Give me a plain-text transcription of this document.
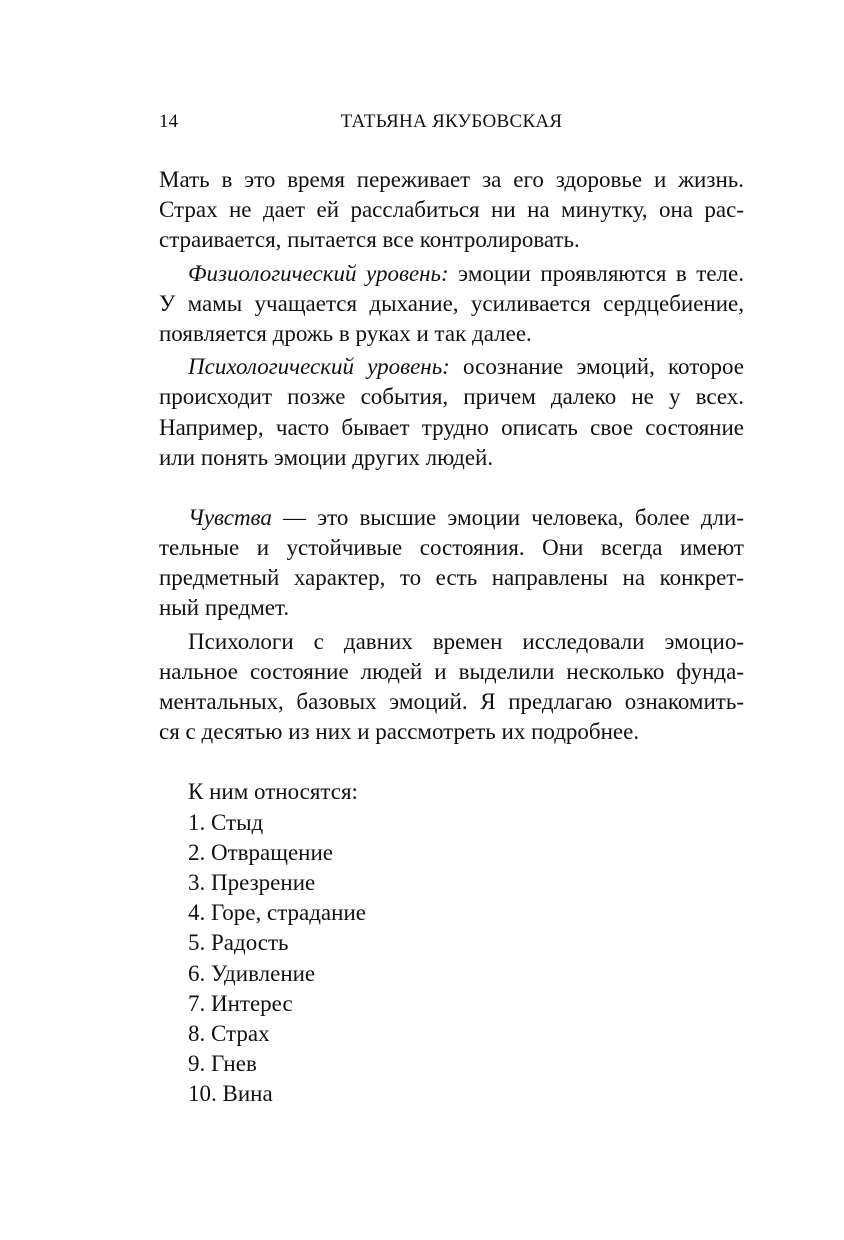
14	ТАТЬЯНА ЯКУБОВСКАЯ
Мать в это время переживает за его здоровье и жизнь.
Страх не дает ей расслабиться ни на минутку, она рас-
страивается, пытается все контролировать.
Физиологический уровень: эмоции проявляются в теле.
У мамы учащается дыхание, усиливается сердцебиение,
появляется дрожь в руках и так далее.
Психологический уровень: осознание эмоций, которое
происходит позже события, причем далеко не у всех.
Например, часто бывает трудно описать свое состояние
или понять эмоции других людей.
Чувства — это высшие эмоции человека, более дли-
тельные и устойчивые состояния. Они всегда имеют
предметный характер, то есть направлены на конкрет-
ный предмет.
Психологи с давних времен исследовали эмоцио-
нальное состояние людей и выделили несколько фунда-
ментальных, базовых эмоций. Я предлагаю ознакомить-
ся с десятью из них и рассмотреть их подробнее.
К ним относятся:
1. Стыд
2. Отвращение
3. Презрение
4. Горе, страдание
5. Радость
6. Удивление
7. Интерес
8. Страх
9. Гнев
10. Вина
